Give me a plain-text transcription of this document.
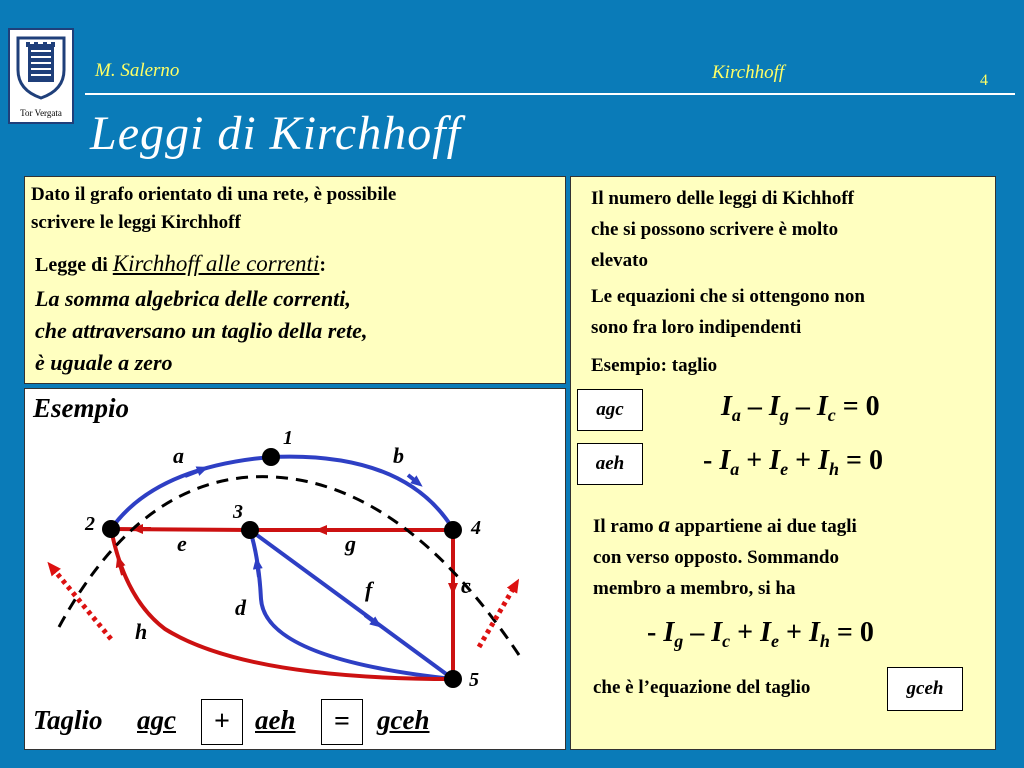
Tor Vergata
M. Salerno	Kirchhoff	4
Leggi di Kirchhoff
Dato il grafo orientato di una rete, è possibile
scrivere le leggi Kirchhoff
Legge di Kirchhoff alle correnti:
La somma algebrica delle correnti,
che attraversano un taglio della rete,
è uguale a zero
Esempio
1
2
3
4
5
a	b
e	g
c
f
d
h
Taglio agc	+ aeh	=	gceh
Il numero delle leggi di Kichhoff
che si possono scrivere è molto
elevato
Le equazioni che si ottengono non
sono fra loro indipendenti
Esempio: taglio
agc	$I_a - I_g - I_c = 0$
aeh	- $I_a + I_e + I_h = 0$
Il ramo a appartiene ai due tagli
con verso opposto. Sommando
membro a membro, si ha
- $I_g - I_c + I_e + I_h = 0$
che è l’equazione del taglio	gceh
